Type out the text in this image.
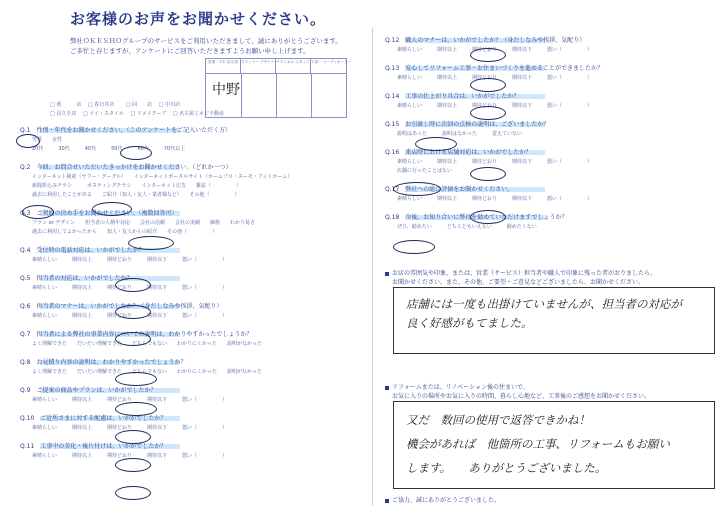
お客様のお声をお聞かせください。
弊社ＯＫＥＳＨＯグループのサービスをご利用いただきまして、誠にありがとうございます。
ご多忙と存じますが、アンケートにご回答いただきますようお願い申し上げます。
営業・ＳＥ 担当者 プランナー デザイナー
テクニカル スタッフ 下請・ コーディネーター
中野
□ 黄　　　店　 □ 春日井店　　 □ 回　　店　 □ 中川店
□ 長久手店　 □ ツイ・スタイル　 □ リメイクーブ　 □ 名古屋工ネジ不動産
Q.1　性別・年代をお聞かせください。（このアンケートをご記入いただく方）
男性　　女性
20代　　　30代　　　40代　　　50代　　　60代　　　70代以上
Q.2　今回、お問合せいただいたきっかけをお聞かせください。（どれか一つ）
インターネット検索（ヤフー・グーグル）　　インターネットポータルサイト（ホームプロ・スーモ・アットホーム）
新聞折込みチラシ　　　ポスティングチラシ　　インターネット広告　　雑誌（　　　　　）
過去に利用したことがある　　ご紹介（知人・友人・業者様など）　　その他（　　　　　）
Q.3　ご契約の決め手をお聞かせください。（複数回答可）
プラン or デザイン　　担当者の人柄や対応　　会社の信頼　　会社の実績　　価格　　わかり易さ
過去に利用してよかったから　　知人・友人からの紹介　　その他（　　　　　）
Q.4　受付時の電話対応は、いかがでしたか？
素晴らしい　　　期待以上　　　期待どおり　　　期待以下　　　悪い（　　　　　）
Q.5　担当者の対応は、いかがでしたか？
素晴らしい　　　期待以上　　　期待どおり　　　期待以下　　　悪い（　　　　　）
Q.6　担当者のマナーは、いかがでしたか？（身だしなみや挨拶、気配り）
素晴らしい　　　期待以上　　　期待どおり　　　期待以下　　　悪い（　　　　　）
Q.7　担当者による弊社の事業内容についての説明は、わかりやすかったでしょうか？
よく理解できた　　だいたい理解できた　　どちらでもない　　わかりにくかった　　説明がなかった
Q.8　お見積り内容の説明は、わかりやすかったでしょうか？
よく理解できた　　だいたい理解できた　　どちらでもない　　わかりにくかった　　説明がなかった
Q.9　ご提案の商品やプランは、いかがでしたか？
素晴らしい　　　期待以上　　　期待どおり　　　期待以下　　　悪い（　　　　　）
Q.10　ご近所さまに対する配慮は、いかがでしたか？
素晴らしい　　　期待以上　　　期待どおり　　　期待以下　　　悪い（　　　　　）
Q.11　工事中の美化・後片付けは、いかがでしたか？
素晴らしい　　　期待以上　　　期待どおり　　　期待以下　　　悪い（　　　　　）
Q.12　職人のマナーは、いかがでしたか？（身だしなみや挨拶、気配り）
素晴らしい　　　期待以上　　　期待どおり　　　期待以下　　　悪い（　　　　　）
Q.13　安心してリフォーム工事・お住まいづくりを進めることができましたか？
素晴らしい　　　期待以上　　　期待どおり　　　期待以下　　　悪い（　　　　　）
Q.14　工事の仕上がり具合は、いかがでしたか？
素晴らしい　　　期待以上　　　期待どおり　　　期待以下　　　悪い（　　　　　）
Q.15　お引渡し時に次回の点検の説明は、ございましたか？
説明はあった　　　説明はなかった　　　覚えていない
Q.16　来店時における店舗対応は、いかがでしたか？
素晴らしい　　　期待以上　　　期待どおり　　　期待以下　　　悪い（　　　　　）
店舗に行ったことはない
Q.17　弊社への総合評価をお聞かせください。
素晴らしい　　　期待以上　　　期待どおり　　　期待以下　　　悪い（　　　　　）
Q.18　今後、お知り合いに弊社を勧めていただけますでしょうか？
ぜひ、勧めたい　　　どちらともいえない　　　勧めたくない
お店の雰囲気や印象、または、営業（サービス）担当者や職人で印象に残った者がおりましたら、
お聞かせください。また、その他、ご要望・ご意見などございましたら、お聞かせください。
店舗には一度も出掛けていませんが、担当者の対応が
良く好感がもてました。
リフォームまたは、リノベーション後の住まいで、
お気に入りの場所やお気に入りの時間、暮らし心地など、工事後のご感想をお聞かせください。
又だ　数回の使用で返答できかね！
機会があれば　他箇所の工事、リフォームもお願い
します。　　ありがとうございました。
ご協力、誠にありがとうございました。
